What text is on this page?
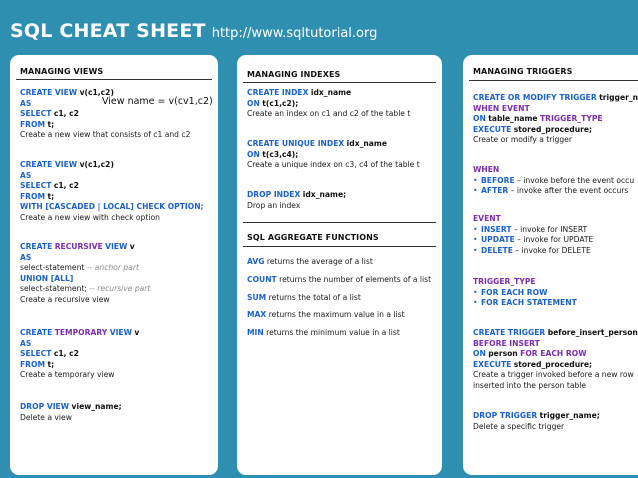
SQL CHEAT SHEET http://www.sqltutorial.org
MANAGING VIEWS
CREATE VIEW v(c1,c2)
AS
SELECT c1, c2
FROM t;
Create a new view that consists of c1 and c2
View name = v(cv1,c2)
CREATE VIEW v(c1,c2)
AS
SELECT c1, c2
FROM t;
WITH [CASCADED | LOCAL] CHECK OPTION;
Create a new view with check option
CREATE RECURSIVE VIEW v
AS
select-statement -- anchor part
UNION [ALL]
select-statement; -- recursive part
Create a recursive view
CREATE TEMPORARY VIEW v
AS
SELECT c1, c2
FROM t;
Create a temporary view
DROP VIEW view_name;
Delete a view
MANAGING INDEXES
CREATE INDEX idx_name
ON t(c1,c2);
Create an index on c1 and c2 of the table t
CREATE UNIQUE INDEX idx_name
ON t(c3,c4);
Create a unique index on c3, c4 of the table t
DROP INDEX idx_name;
Drop an index
SQL AGGREGATE FUNCTIONS
AVG returns the average of a list
COUNT returns the number of elements of a list
SUM returns the total of a list
MAX returns the maximum value in a list
MIN returns the minimum value in a list
MANAGING TRIGGERS
CREATE OR MODIFY TRIGGER trigger_n
WHEN EVENT
ON table_name TRIGGER_TYPE
EXECUTE stored_procedure;
Create or modify a trigger
WHEN
• BEFORE – invoke before the event occu
• AFTER – invoke after the event occurs
EVENT
• INSERT – invoke for INSERT
• UPDATE – invoke for UPDATE
• DELETE – invoke for DELETE
TRIGGER_TYPE
• FOR EACH ROW
• FOR EACH STATEMENT
CREATE TRIGGER before_insert_person
BEFORE INSERT
ON person FOR EACH ROW
EXECUTE stored_procedure;
Create a trigger invoked before a new row
inserted into the person table
DROP TRIGGER trigger_name;
Delete a specific trigger
